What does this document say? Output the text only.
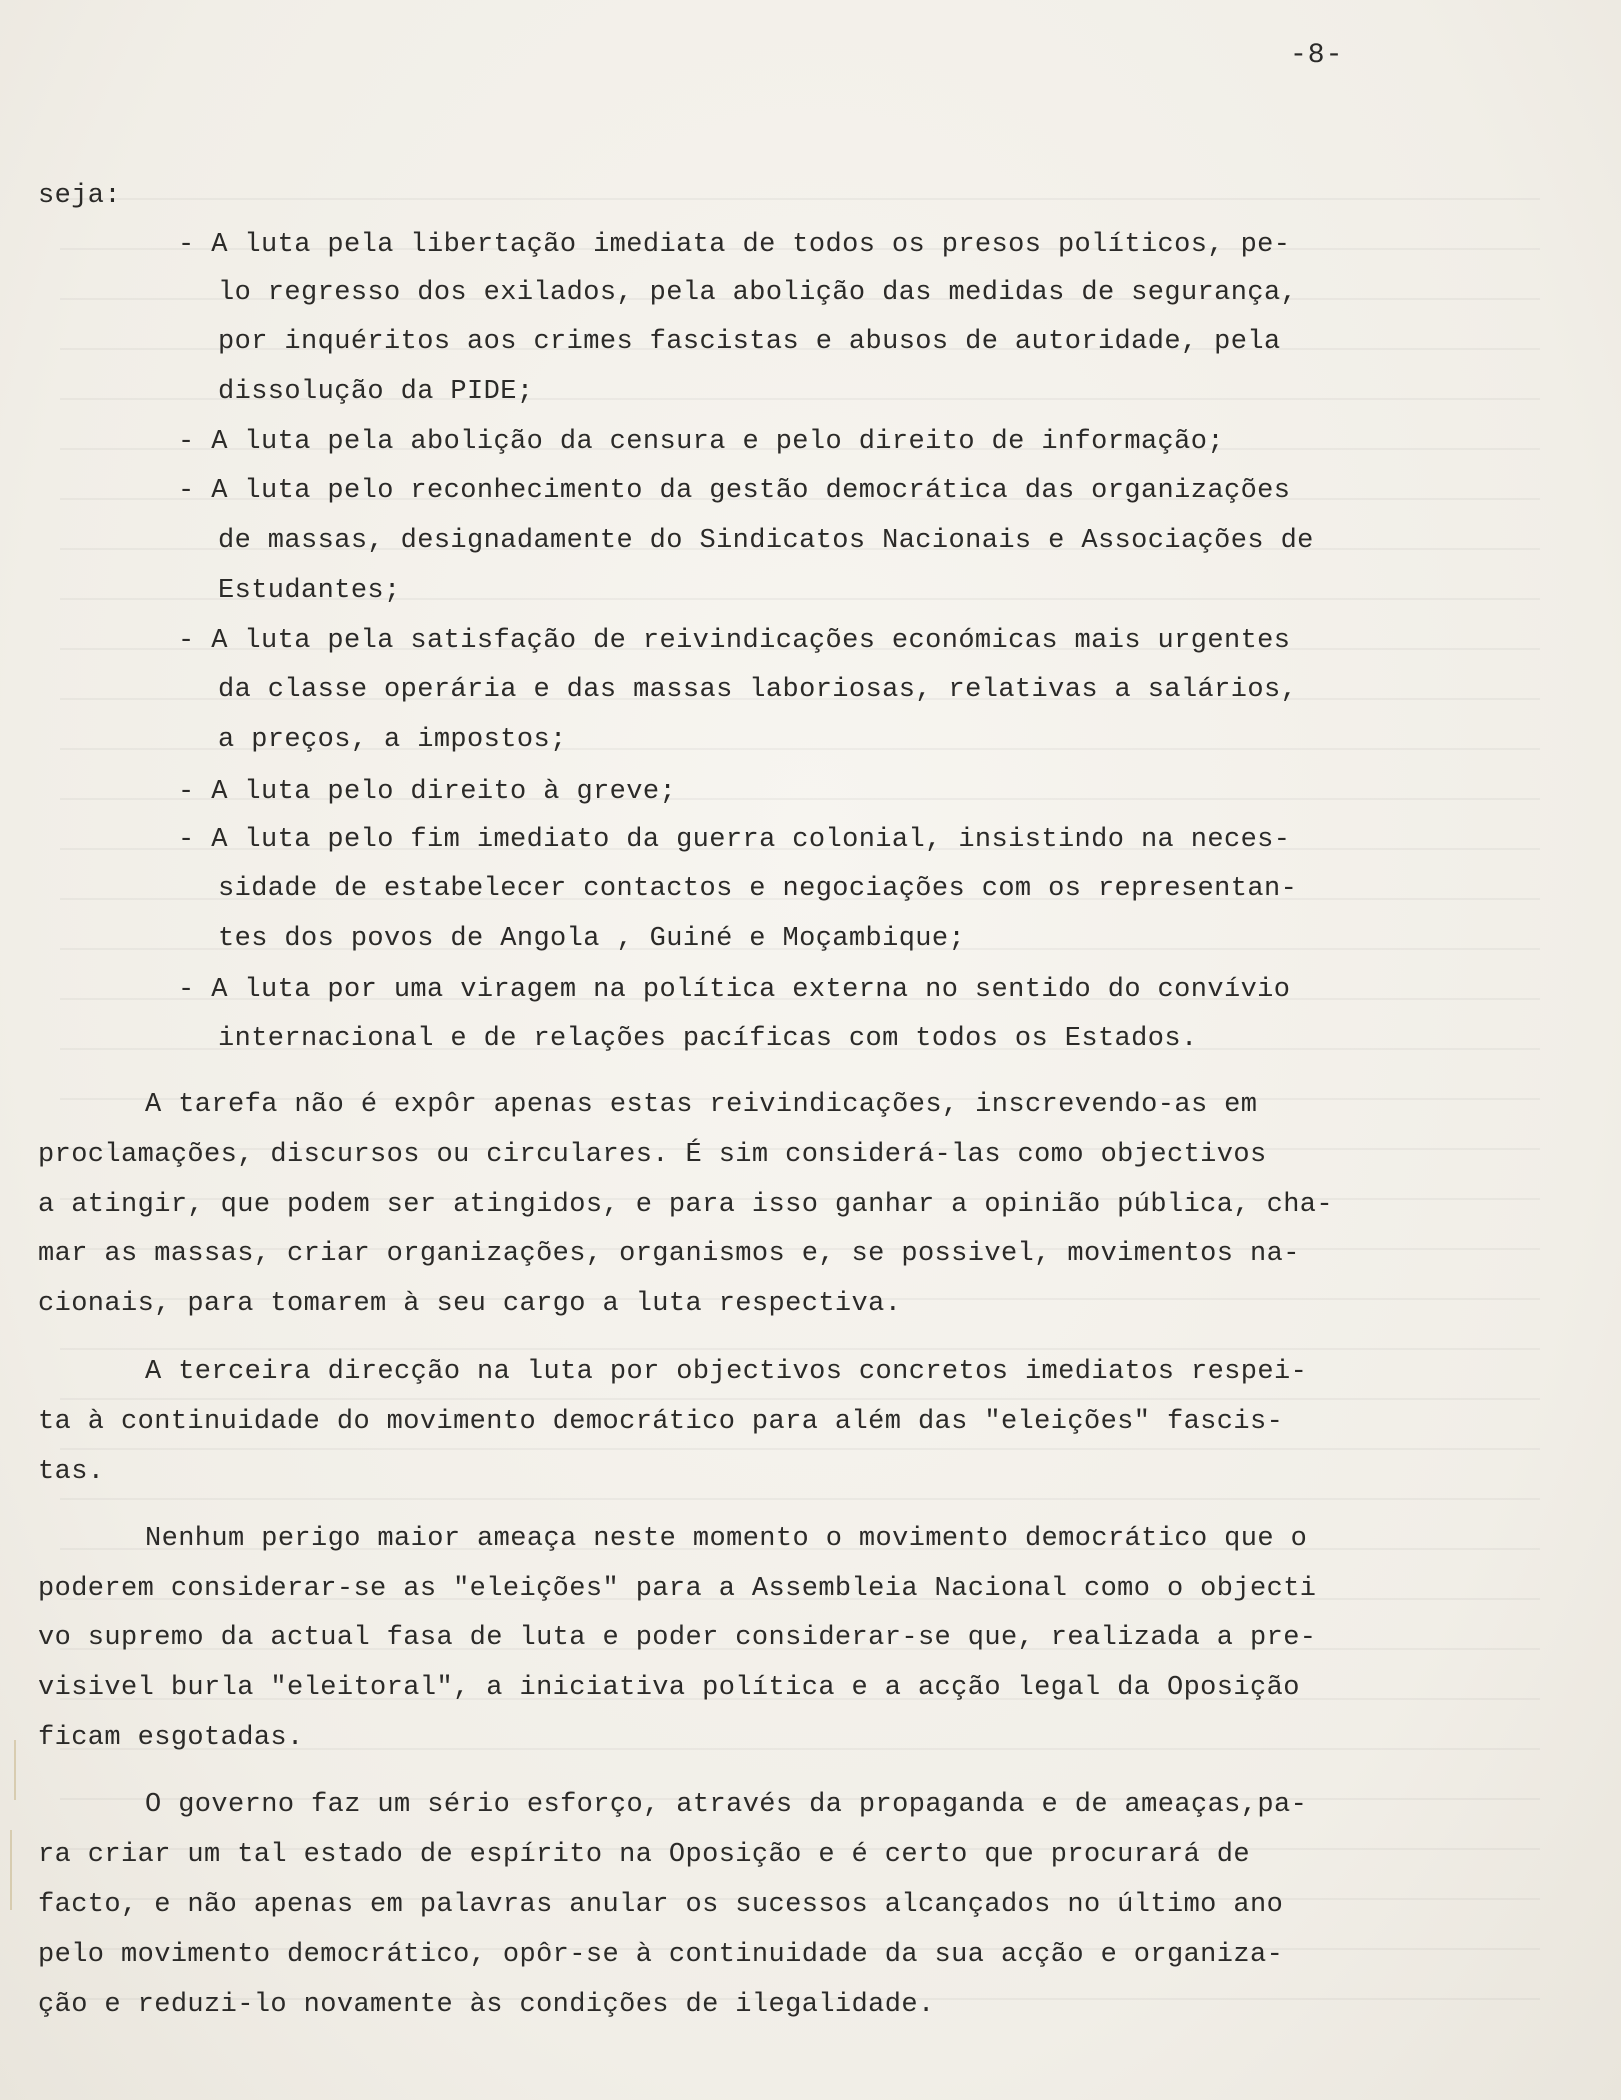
-8-
seja:
- A luta pela libertação imediata de todos os presos políticos, pe-
lo regresso dos exilados, pela abolição das medidas de segurança,
por inquéritos aos crimes fascistas e abusos de autoridade, pela
dissolução da PIDE;
- A luta pela abolição da censura e pelo direito de informação;
- A luta pelo reconhecimento da gestão democrática das organizações
de massas, designadamente do Sindicatos Nacionais e Associações de
Estudantes;
- A luta pela satisfação de reivindicações económicas mais urgentes
da classe operária e das massas laboriosas, relativas a salários,
a preços, a impostos;
- A luta pelo direito à greve;
- A luta pelo fim imediato da guerra colonial, insistindo na neces-
sidade de estabelecer contactos e negociações com os representan-
tes dos povos de Angola , Guiné e Moçambique;
- A luta por uma viragem na política externa no sentido do convívio
internacional e de relações pacíficas com todos os Estados.
A tarefa não é expôr apenas estas reivindicações, inscrevendo-as em
proclamações, discursos ou circulares. É sim considerá-las como objectivos
a atingir, que podem ser atingidos, e para isso ganhar a opinião pública, cha-
mar as massas, criar organizações, organismos e, se possivel, movimentos na-
cionais, para tomarem à seu cargo a luta respectiva.
A terceira direcção na luta por objectivos concretos imediatos respei-
ta à continuidade do movimento democrático para além das "eleições" fascis-
tas.
Nenhum perigo maior ameaça neste momento o movimento democrático que o
poderem considerar-se as "eleições" para a Assembleia Nacional como o objecti
vo supremo da actual fasa de luta e poder considerar-se que, realizada a pre-
visivel burla "eleitoral", a iniciativa política e a acção legal da Oposição
ficam esgotadas.
O governo faz um sério esforço, através da propaganda e de ameaças,pa-
ra criar um tal estado de espírito na Oposição e é certo que procurará de
facto, e não apenas em palavras anular os sucessos alcançados no último ano
pelo movimento democrático, opôr-se à continuidade da sua acção e organiza-
ção e reduzi-lo novamente às condições de ilegalidade.
